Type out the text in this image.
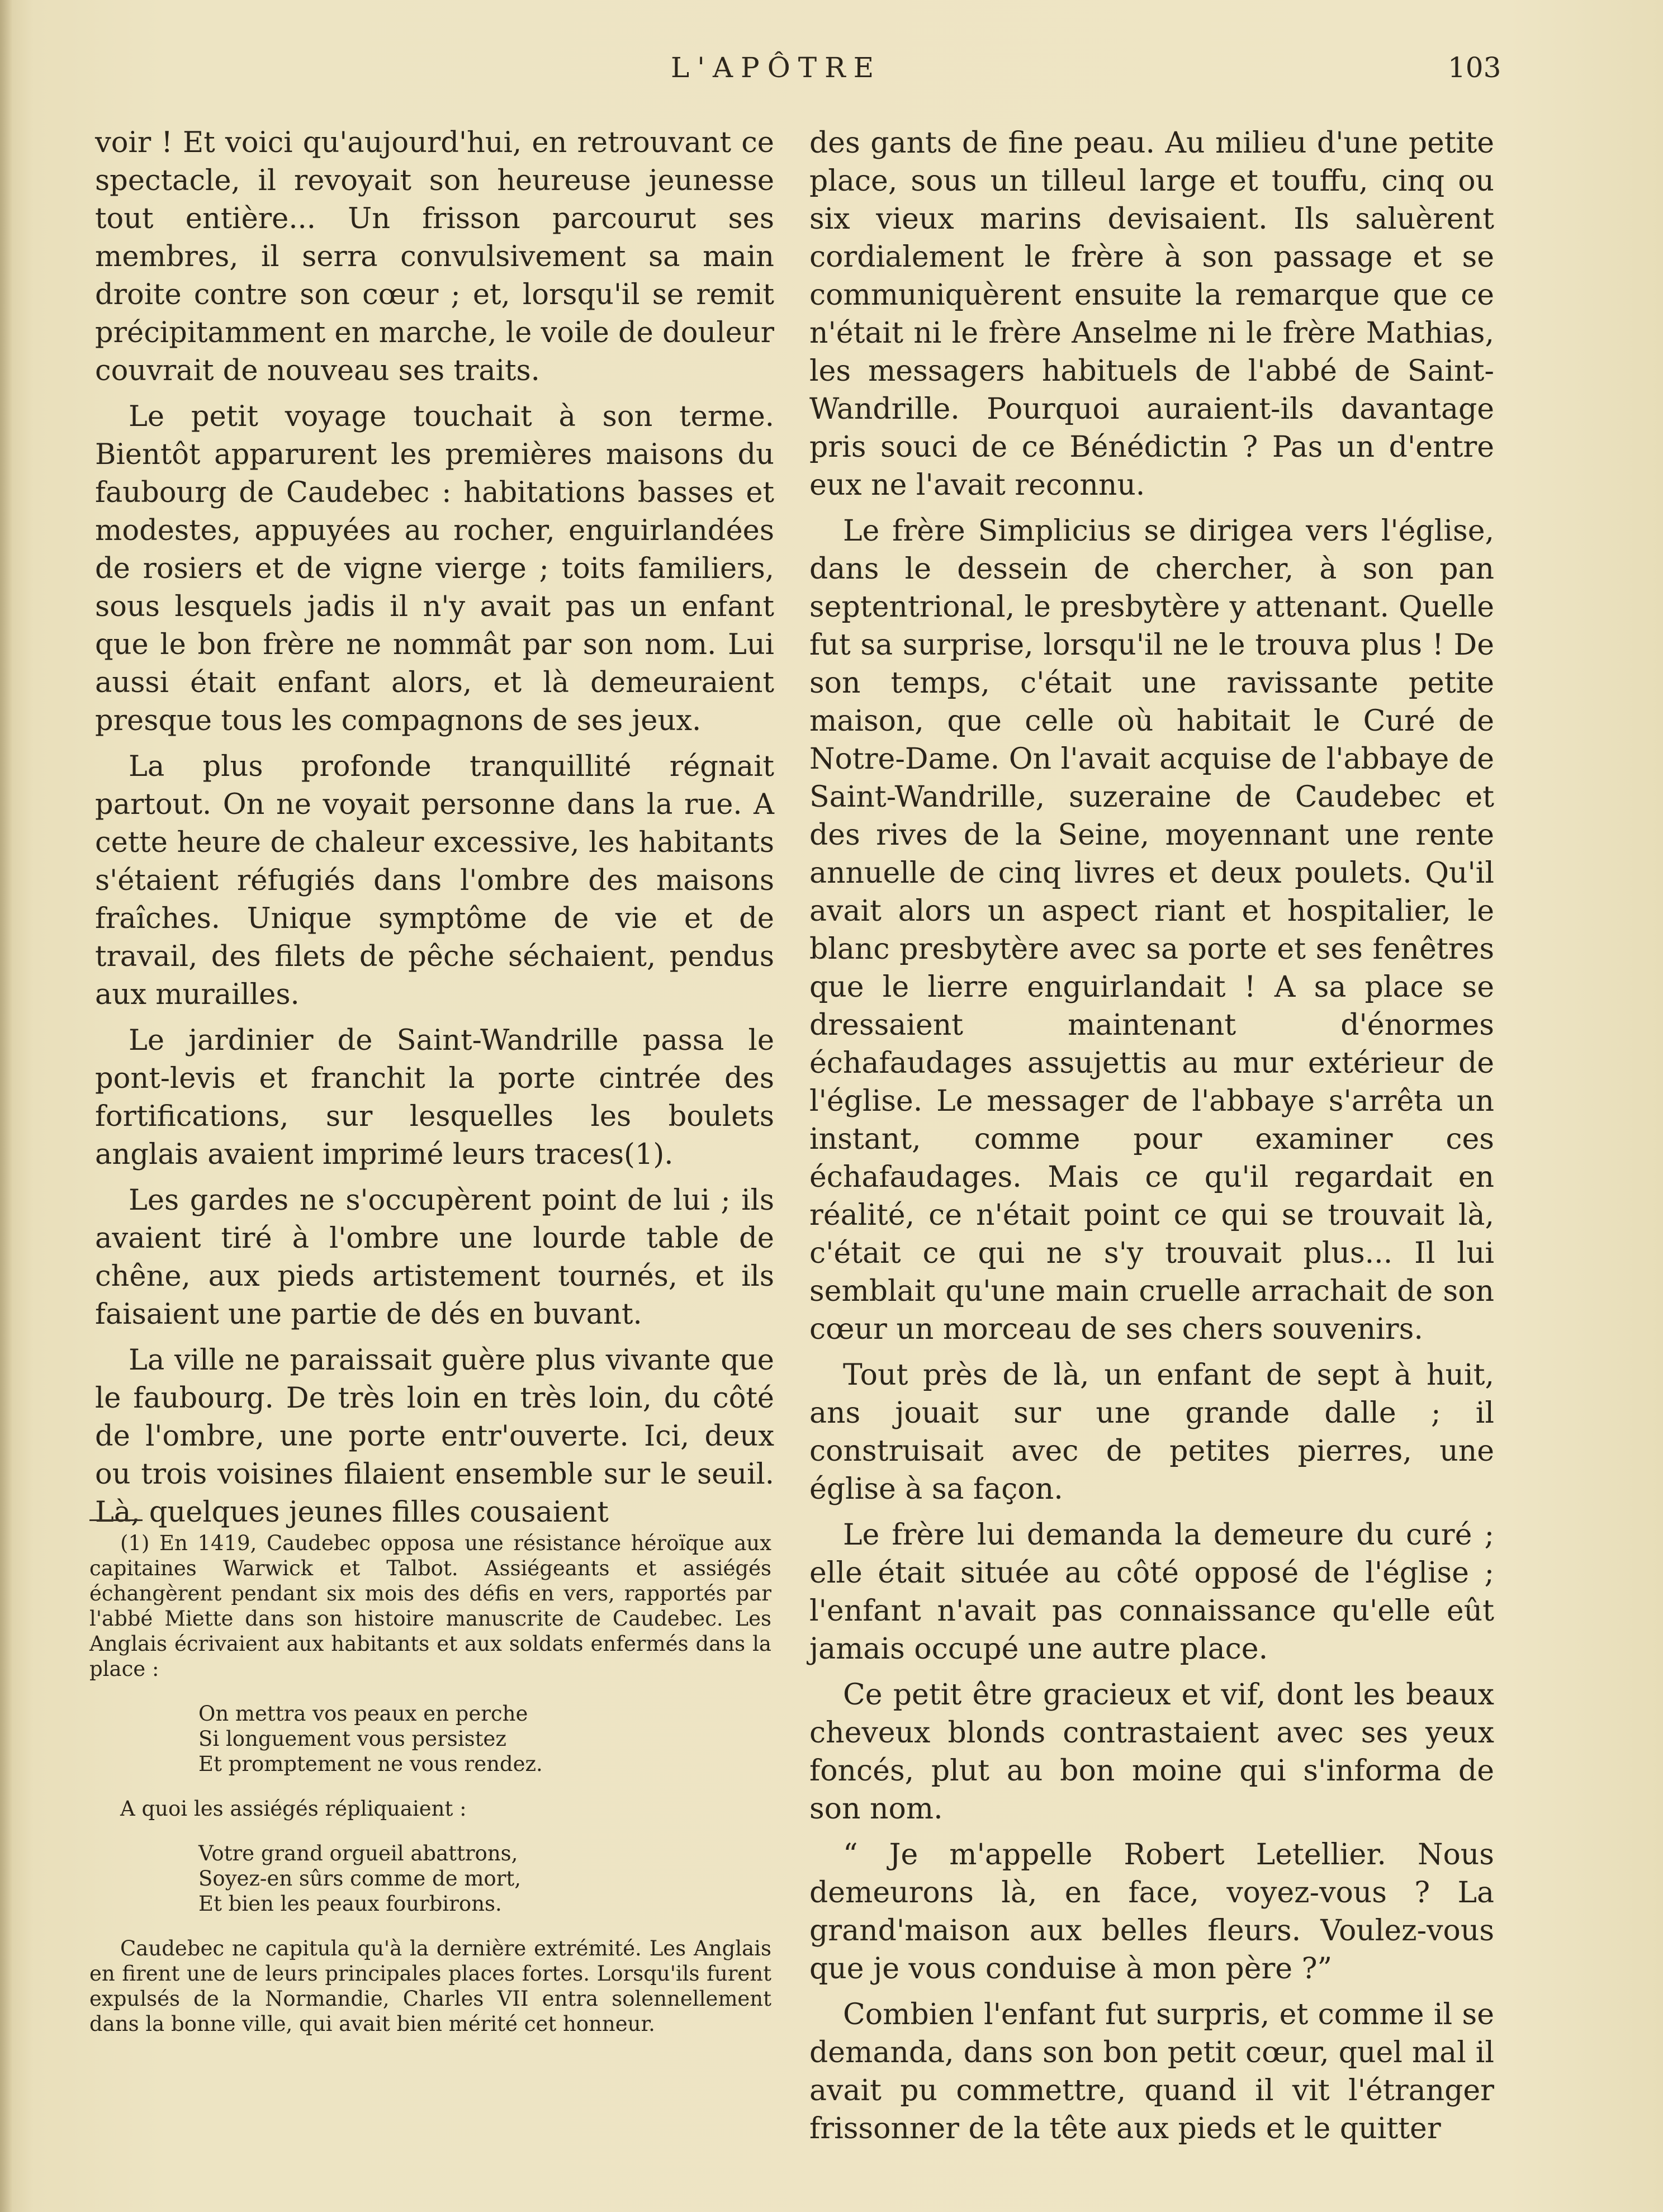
L'APÔTRE	103

voir ! Et voici qu'aujourd'hui, en retrouvant ce spectacle, il revoyait son heureuse jeunesse tout entière... Un frisson parcourut ses membres, il serra convulsivement sa main droite contre son cœur ; et, lorsqu'il se remit précipitamment en marche, le voile de douleur couvrait de nouveau ses traits.

Le petit voyage touchait à son terme. Bientôt apparurent les premières maisons du faubourg de Caudebec : habitations basses et modestes, appuyées au rocher, enguirlandées de rosiers et de vigne vierge ; toits familiers, sous lesquels jadis il n'y avait pas un enfant que le bon frère ne nommât par son nom. Lui aussi était enfant alors, et là demeuraient presque tous les compagnons de ses jeux.

La plus profonde tranquillité régnait partout. On ne voyait personne dans la rue. A cette heure de chaleur excessive, les habitants s'étaient réfugiés dans l'ombre des maisons fraîches. Unique symptôme de vie et de travail, des filets de pêche séchaient, pendus aux murailles.

Le jardinier de Saint-Wandrille passa le pont-levis et franchit la porte cintrée des fortifications, sur lesquelles les boulets anglais avaient imprimé leurs traces(1).

Les gardes ne s'occupèrent point de lui ; ils avaient tiré à l'ombre une lourde table de chêne, aux pieds artistement tournés, et ils faisaient une partie de dés en buvant.

La ville ne paraissait guère plus vivante que le faubourg. De très loin en très loin, du côté de l'ombre, une porte entr'ouverte. Ici, deux ou trois voisines filaient ensemble sur le seuil. Là, quelques jeunes filles cousaient

des gants de fine peau. Au milieu d'une petite place, sous un tilleul large et touffu, cinq ou six vieux marins devisaient. Ils saluèrent cordialement le frère à son passage et se communiquèrent ensuite la remarque que ce n'était ni le frère Anselme ni le frère Mathias, les messagers habituels de l'abbé de Saint-Wandrille. Pourquoi auraient-ils davantage pris souci de ce Bénédictin ? Pas un d'entre eux ne l'avait reconnu.

Le frère Simplicius se dirigea vers l'église, dans le dessein de chercher, à son pan septentrional, le presbytère y attenant. Quelle fut sa surprise, lorsqu'il ne le trouva plus ! De son temps, c'était une ravissante petite maison, que celle où habitait le Curé de Notre-Dame. On l'avait acquise de l'abbaye de Saint-Wandrille, suzeraine de Caudebec et des rives de la Seine, moyennant une rente annuelle de cinq livres et deux poulets. Qu'il avait alors un aspect riant et hospitalier, le blanc presbytère avec sa porte et ses fenêtres que le lierre enguirlandait ! A sa place se dressaient maintenant d'énormes échafaudages assujettis au mur extérieur de l'église. Le messager de l'abbaye s'arrêta un instant, comme pour examiner ces échafaudages. Mais ce qu'il regardait en réalité, ce n'était point ce qui se trouvait là, c'était ce qui ne s'y trouvait plus... Il lui semblait qu'une main cruelle arrachait de son cœur un morceau de ses chers souvenirs.

Tout près de là, un enfant de sept à huit, ans jouait sur une grande dalle ; il construisait avec de petites pierres, une église à sa façon.

Le frère lui demanda la demeure du curé ; elle était située au côté opposé de l'église ; l'enfant n'avait pas connaissance qu'elle eût jamais occupé une autre place.

Ce petit être gracieux et vif, dont les beaux cheveux blonds contrastaient avec ses yeux foncés, plut au bon moine qui s'informa de son nom.

“ Je m'appelle Robert Letellier. Nous demeurons là, en face, voyez-vous ? La grand'maison aux belles fleurs. Voulez-vous que je vous conduise à mon père ?”

Combien l'enfant fut surpris, et comme il se demanda, dans son bon petit cœur, quel mal il avait pu commettre, quand il vit l'étranger frissonner de la tête aux pieds et le quitter

(1) En 1419, Caudebec opposa une résistance héroïque aux capitaines Warwick et Talbot. Assiégeants et assiégés échangèrent pendant six mois des défis en vers, rapportés par l'abbé Miette dans son histoire manuscrite de Caudebec. Les Anglais écrivaient aux habitants et aux soldats enfermés dans la place :

On mettra vos peaux en perche
Si longuement vous persistez
Et promptement ne vous rendez.

A quoi les assiégés répliquaient :

Votre grand orgueil abattrons,
Soyez-en sûrs comme de mort,
Et bien les peaux fourbirons.

Caudebec ne capitula qu'à la dernière extrémité. Les Anglais en firent une de leurs principales places fortes. Lorsqu'ils furent expulsés de la Normandie, Charles VII entra solennellement dans la bonne ville, qui avait bien mérité cet honneur.
